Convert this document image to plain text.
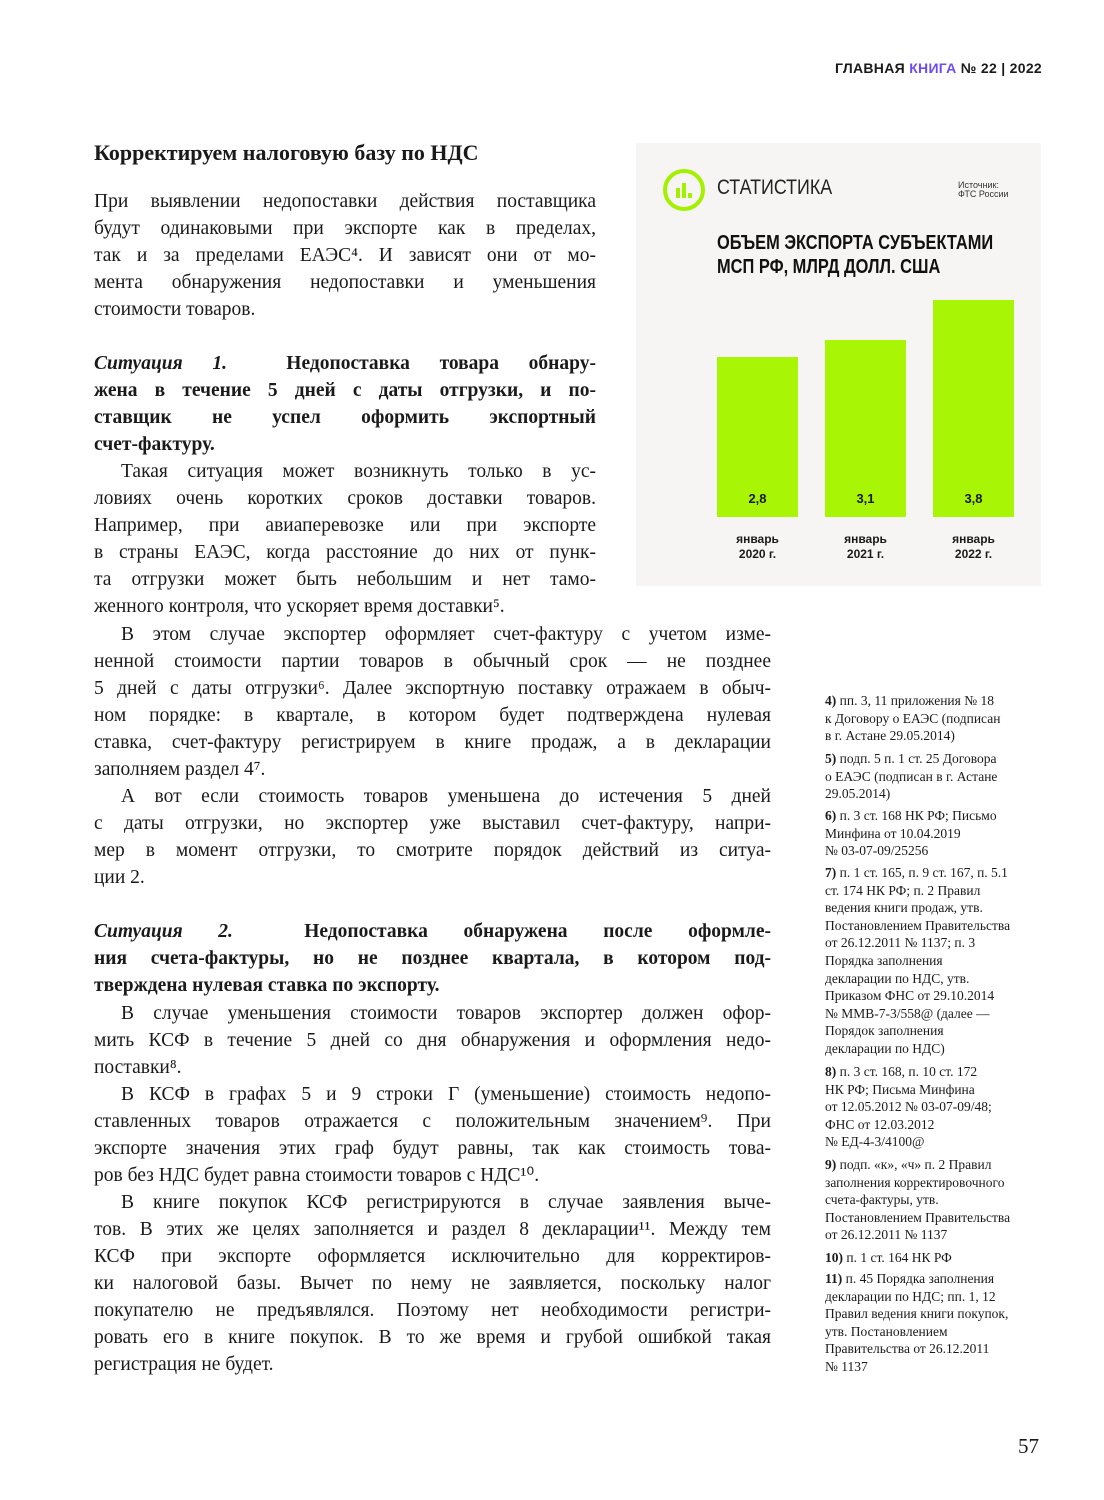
ГЛАВНАЯ КНИГА № 22 | 2022
Корректируем налоговую базу по НДС
При выявлении недопоставки действия поставщика
будут одинаковыми при экспорте как в пределах,
так и за пределами ЕАЭС⁴. И зависят они от мо-
мента обнаружения недопоставки и уменьшения
стоимости товаров.
Ситуация 1.	Недопоставка товара обнару-
жена в течение 5 дней с даты отгрузки, и по-
ставщик не успел оформить экспортный
счет-фактуру.
Такая ситуация может возникнуть только в ус-
ловиях очень коротких сроков доставки товаров.
Например, при авиаперевозке или при экспорте
в страны ЕАЭС, когда расстояние до них от пунк-
та отгрузки может быть небольшим и нет тамо-
женного контроля, что ускоряет время доставки⁵.
В этом случае экспортер оформляет счет-фактуру с учетом изме-
ненной стоимости партии товаров в обычный срок — не позднее
5 дней с даты отгрузки⁶. Далее экспортную поставку отражаем в обыч-
ном порядке: в квартале, в котором будет подтверждена нулевая
ставка, счет-фактуру регистрируем в книге продаж, а в декларации
заполняем раздел 4⁷.
А вот если стоимость товаров уменьшена до истечения 5 дней
с даты отгрузки, но экспортер уже выставил счет-фактуру, напри-
мер в момент отгрузки, то смотрите порядок действий из ситуа-
ции 2.
Ситуация 2.	Недопоставка обнаружена после оформле-
ния счета-фактуры, но не позднее квартала, в котором под-
тверждена нулевая ставка по экспорту.
В случае уменьшения стоимости товаров экспортер должен офор-
мить КСФ в течение 5 дней со дня обнаружения и оформления недо-
поставки⁸.
В КСФ в графах 5 и 9 строки Г (уменьшение) стоимость недопо-
ставленных товаров отражается с положительным значением⁹. При
экспорте значения этих граф будут равны, так как стоимость това-
ров без НДС будет равна стоимости товаров с НДС¹⁰.
В книге покупок КСФ регистрируются в случае заявления выче-
тов. В этих же целях заполняется и раздел 8 декларации¹¹. Между тем
КСФ при экспорте оформляется исключительно для корректиров-
ки налоговой базы. Вычет по нему не заявляется, поскольку налог
покупателю не предъявлялся. Поэтому нет необходимости регистри-
ровать его в книге покупок. В то же время и грубой ошибкой такая
регистрация не будет.
СТАТИСТИКА	Источник:
ФТС России
ОБЪЕМ ЭКСПОРТА СУБЪЕКТАМИ
МСП РФ, МЛРД ДОЛЛ. США
2,8
январь
2020 г.
3,1
январь
2021 г.
3,8
январь
2022 г.
4) пп. 3, 11 приложения № 18
к Договору о ЕАЭС (подписан
в г. Астане 29.05.2014)
5) подп. 5 п. 1 ст. 25 Договора
о ЕАЭС (подписан в г. Астане
29.05.2014)
6) п. 3 ст. 168 НК РФ; Письмо
Минфина от 10.04.2019
№ 03-07-09/25256
7) п. 1 ст. 165, п. 9 ст. 167, п. 5.1
ст. 174 НК РФ; п. 2 Правил
ведения книги продаж, утв.
Постановлением Правительства
от 26.12.2011 № 1137; п. 3
Порядка заполнения
декларации по НДС, утв.
Приказом ФНС от 29.10.2014
№ ММВ-7-3/558@ (далее —
Порядок заполнения
декларации по НДС)
8) п. 3 ст. 168, п. 10 ст. 172
НК РФ; Письма Минфина
от 12.05.2012 № 03-07-09/48;
ФНС от 12.03.2012
№ ЕД-4-3/4100@
9) подп. «к», «ч» п. 2 Правил
заполнения корректировочного
счета-фактуры, утв.
Постановлением Правительства
от 26.12.2011 № 1137
10) п. 1 ст. 164 НК РФ
11) п. 45 Порядка заполнения
декларации по НДС; пп. 1, 12
Правил ведения книги покупок,
утв. Постановлением
Правительства от 26.12.2011
№ 1137
57
